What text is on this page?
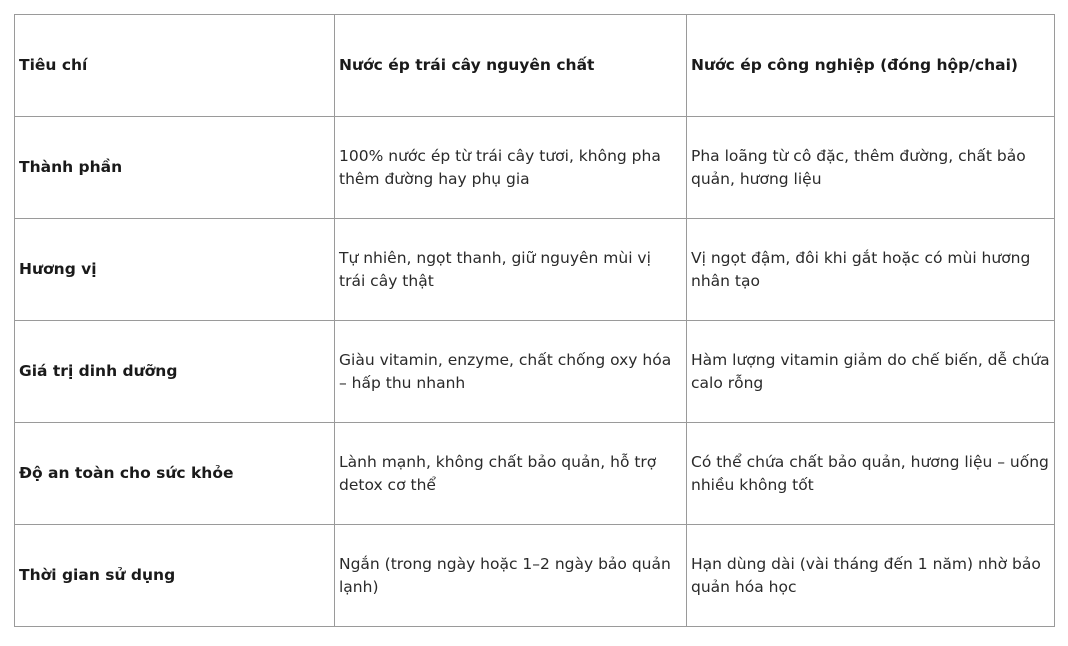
Tiêu chí	Nước ép trái cây nguyên chất	Nước ép công nghiệp (đóng hộp/chai)
Thành phần	100% nước ép từ trái cây tươi, không pha thêm đường hay phụ gia	Pha loãng từ cô đặc, thêm đường, chất bảo quản, hương liệu
Hương vị	Tự nhiên, ngọt thanh, giữ nguyên mùi vị trái cây thật	Vị ngọt đậm, đôi khi gắt hoặc có mùi hương nhân tạo
Giá trị dinh dưỡng	Giàu vitamin, enzyme, chất chống oxy hóa – hấp thu nhanh	Hàm lượng vitamin giảm do chế biến, dễ chứa calo rỗng
Độ an toàn cho sức khỏe	Lành mạnh, không chất bảo quản, hỗ trợ detox cơ thể	Có thể chứa chất bảo quản, hương liệu – uống nhiều không tốt
Thời gian sử dụng	Ngắn (trong ngày hoặc 1–2 ngày bảo quản lạnh)	Hạn dùng dài (vài tháng đến 1 năm) nhờ bảo quản hóa học
